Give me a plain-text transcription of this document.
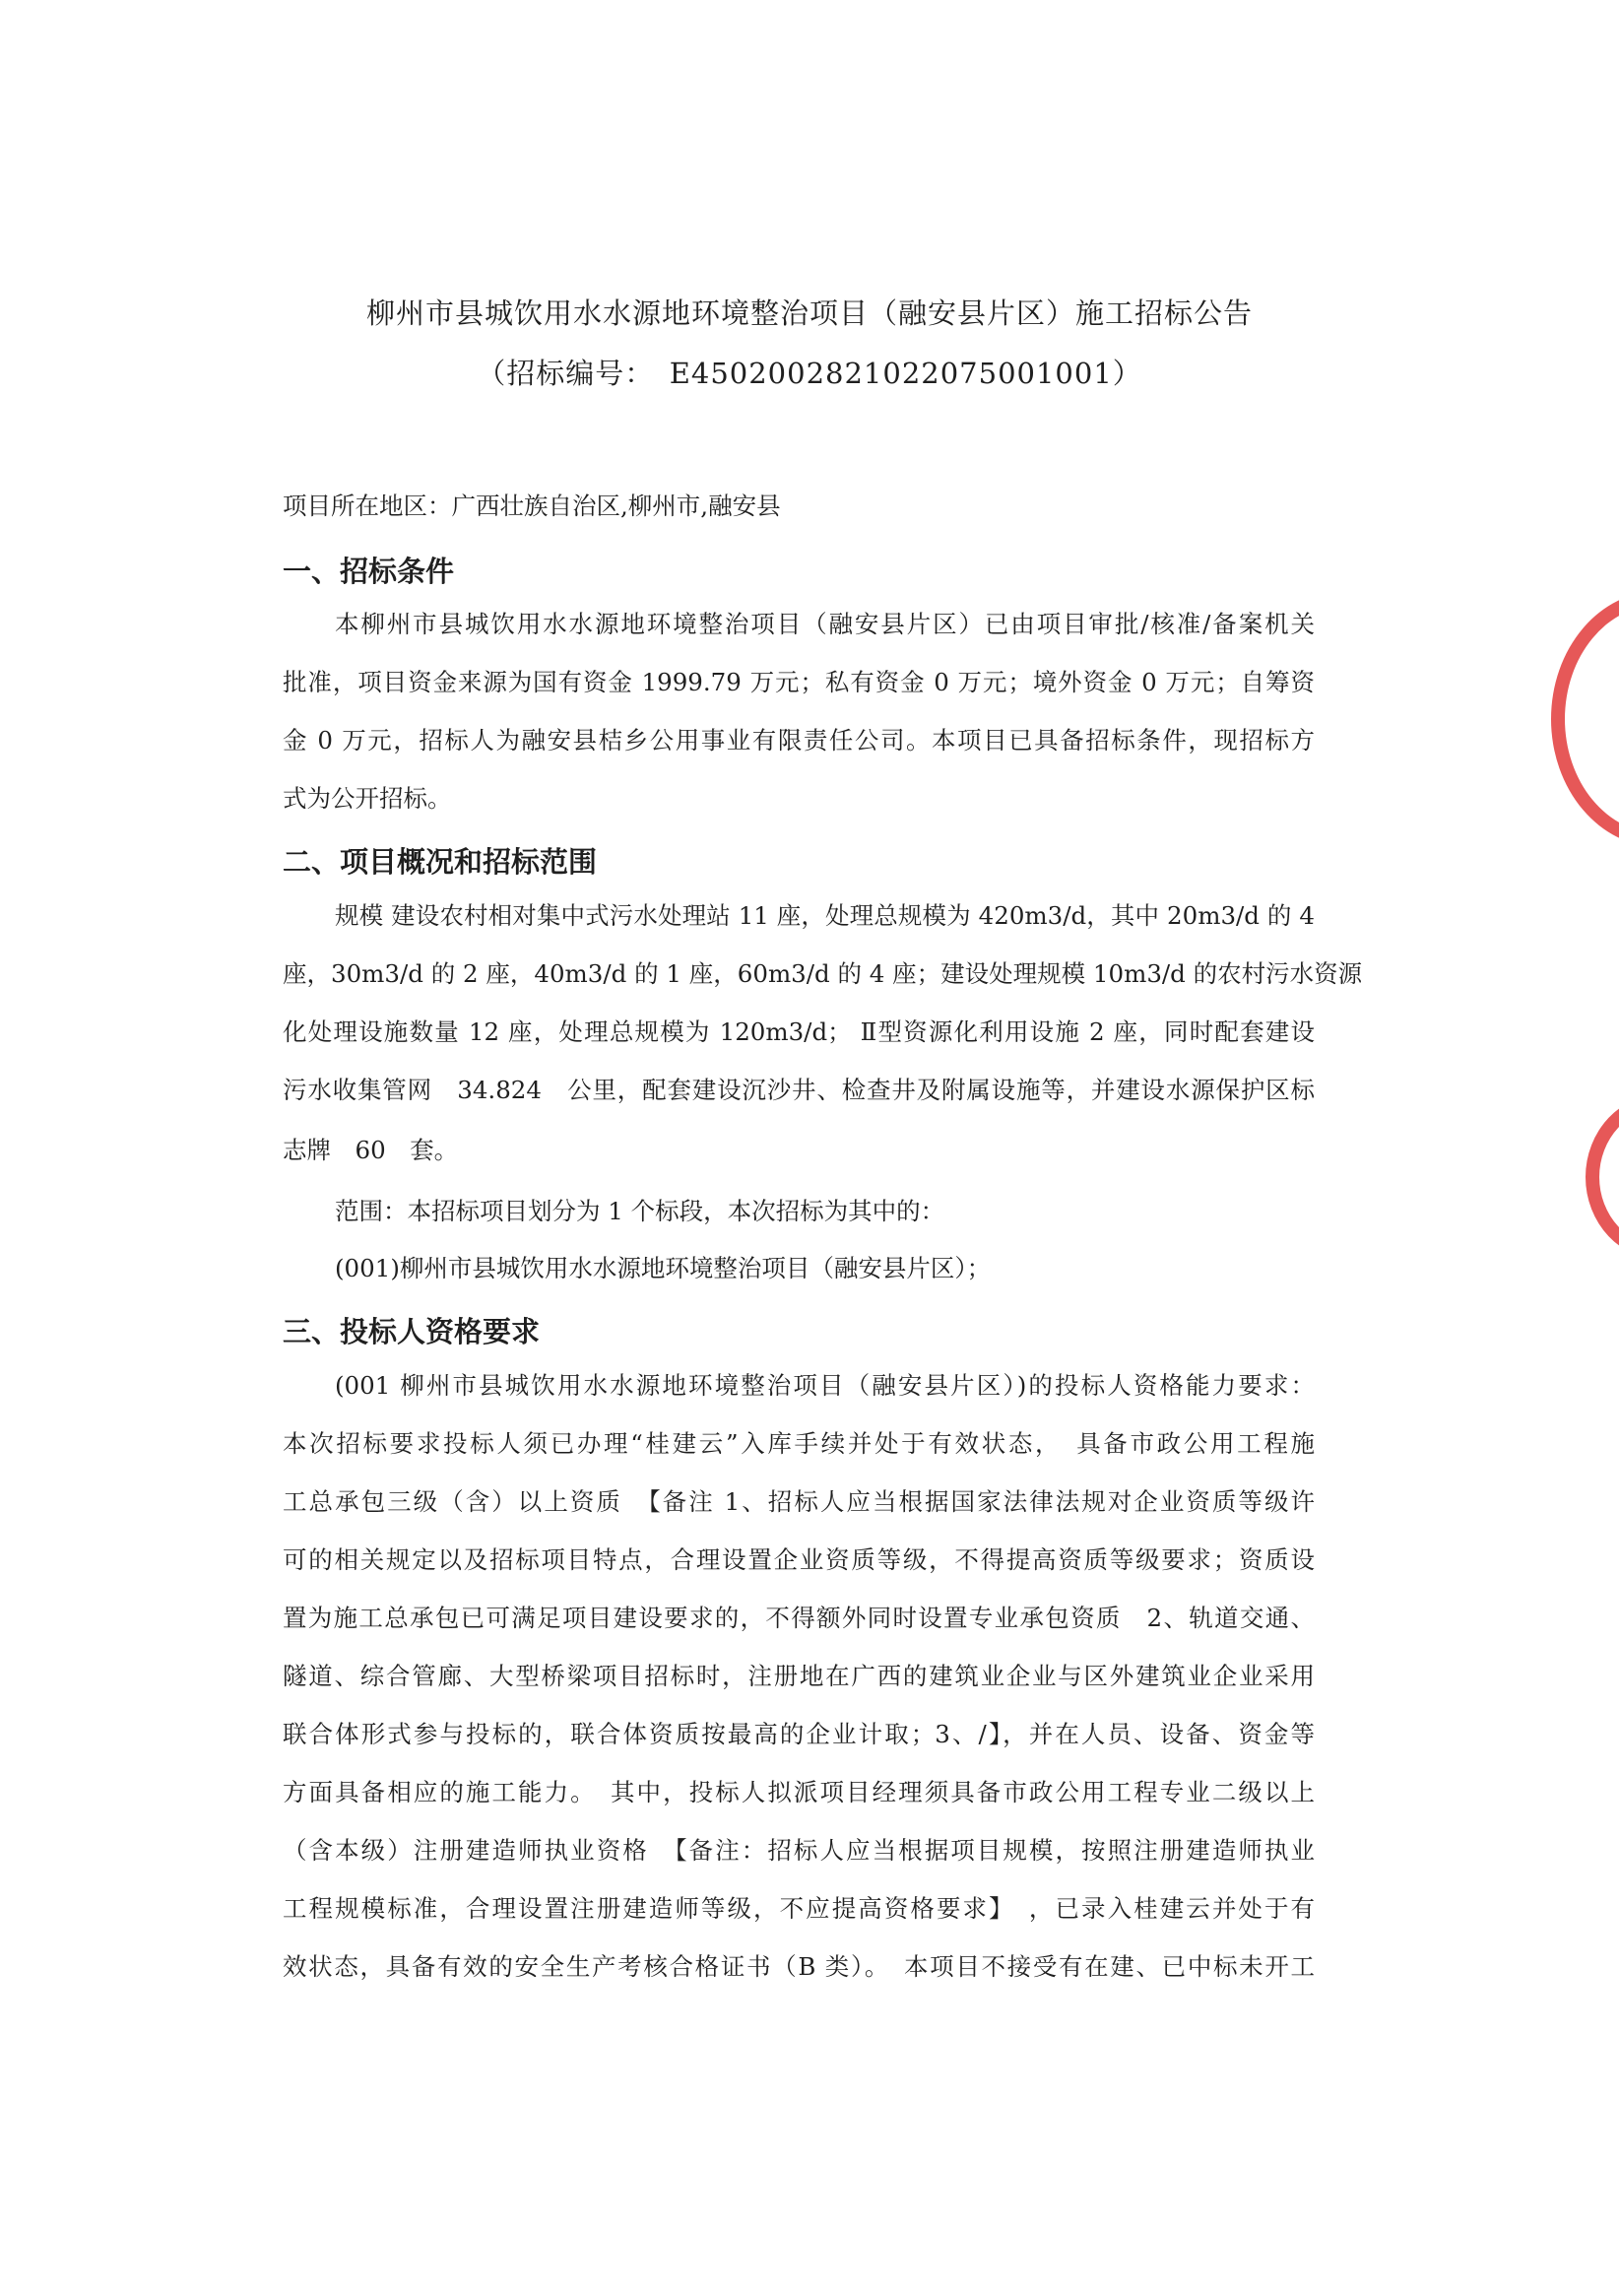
柳州市县城饮用水水源地环境整治项目（融安县片区）施工招标公告
（招标编号：　E4502002821022075001001）
项目所在地区：广西壮族自治区,柳州市,融安县
一、招标条件
本柳州市县城饮用水水源地环境整治项目（融安县片区）已由项目审批/核准/备案机关
批准，项目资金来源为国有资金 1999.79 万元；私有资金 0 万元；境外资金 0 万元；自筹资
金 0 万元，招标人为融安县桔乡公用事业有限责任公司。本项目已具备招标条件，现招标方
式为公开招标。
二、项目概况和招标范围
规模 建设农村相对集中式污水处理站 11 座，处理总规模为 420m3/d，其中 20m3/d 的 4
座，30m3/d 的 2 座，40m3/d 的 1 座，60m3/d 的 4 座；建设处理规模 10m3/d 的农村污水资源
化处理设施数量 12 座，处理总规模为 120m3/d； Ⅱ型资源化利用设施 2 座，同时配套建设
污水收集管网　34.824　公里，配套建设沉沙井、检查井及附属设施等，并建设水源保护区标
志牌　60　套。
范围：本招标项目划分为 1 个标段，本次招标为其中的：
(001)柳州市县城饮用水水源地环境整治项目（融安县片区）；
三、投标人资格要求
(001 柳州市县城饮用水水源地环境整治项目（融安县片区）)的投标人资格能力要求：
本次招标要求投标人须已办理“桂建云”入库手续并处于有效状态，　具备市政公用工程施
工总承包三级（含）以上资质　【备注 1、招标人应当根据国家法律法规对企业资质等级许
可的相关规定以及招标项目特点，合理设置企业资质等级，不得提高资质等级要求；资质设
置为施工总承包已可满足项目建设要求的，不得额外同时设置专业承包资质　2、轨道交通、
隧道、综合管廊、大型桥梁项目招标时，注册地在广西的建筑业企业与区外建筑业企业采用
联合体形式参与投标的，联合体资质按最高的企业计取；3、/】，并在人员、设备、资金等
方面具备相应的施工能力。　其中，投标人拟派项目经理须具备市政公用工程专业二级以上
（含本级）注册建造师执业资格　【备注：招标人应当根据项目规模，按照注册建造师执业
工程规模标准，合理设置注册建造师等级，不应提高资格要求】　，已录入桂建云并处于有
效状态，具备有效的安全生产考核合格证书（B 类）。　本项目不接受有在建、已中标未开工
